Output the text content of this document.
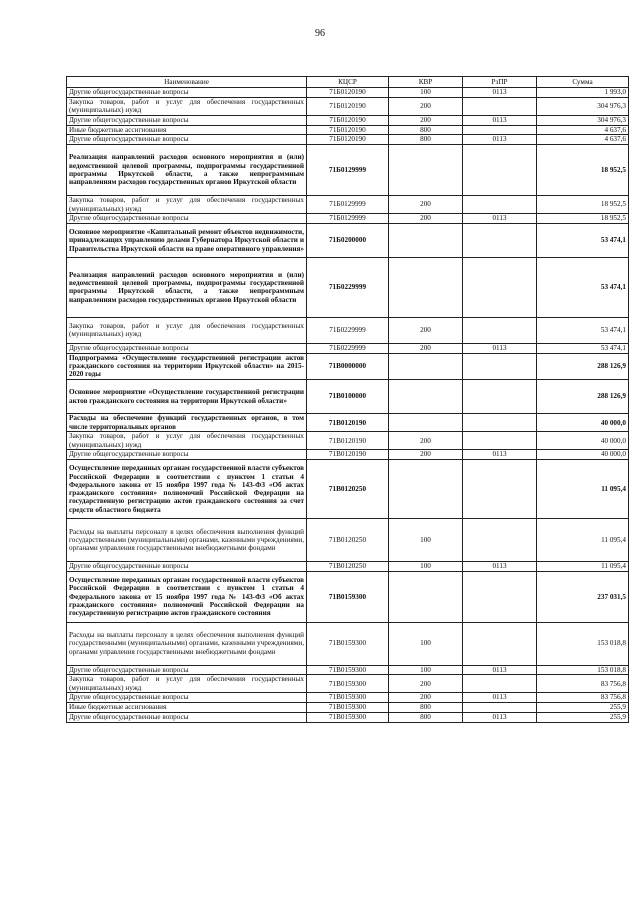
96
Наименование	КЦСР	КВР	РзПР	Сумма
Другие общегосударственные вопросы	71Б0120190	100	0113	1 993,0
Закупка товаров, работ и услуг для обеспечения государственных (муниципальных) нужд	71Б0120190	200		304 976,3
Другие общегосударственные вопросы	71Б0120190	200	0113	304 976,3
Иные бюджетные ассигнования	71Б0120190	800		4 637,6
Другие общегосударственные вопросы	71Б0120190	800	0113	4 637,6
Реализация направлений расходов основного мероприятия и (или) ведомственной целевой программы, подпрограммы государственной программы Иркутской области, а также непрограммным направлениям расходов государственных органов Иркутской области	71Б0129999			18 952,5
Закупка товаров, работ и услуг для обеспечения государственных (муниципальных) нужд	71Б0129999	200		18 952,5
Другие общегосударственные вопросы	71Б0129999	200	0113	18 952,5
Основное мероприятие «Капитальный ремонт объектов недвижимости, принадлежащих управлению делами Губернатора Иркутской области и Правительства Иркутской области на праве оперативного управления»	71Б0200000			53 474,1
Реализация направлений расходов основного мероприятия и (или) ведомственной целевой программы, подпрограммы государственной программы Иркутской области, а также непрограммным направлениям расходов государственных органов Иркутской области	71Б0229999			53 474,1
Закупка товаров, работ и услуг для обеспечения государственных (муниципальных) нужд	71Б0229999	200		53 474,1
Другие общегосударственные вопросы	71Б0229999	200	0113	53 474,1
Подпрограмма «Осуществление государственной регистрации актов гражданского состояния на территории Иркутской области» на 2015-2020 годы	71В0000000			288 126,9
Основное мероприятие «Осуществление государственной регистрации актов гражданского состояния на территории Иркутской области»	71В0100000			288 126,9
Расходы на обеспечение функций государственных органов, в том числе территориальных органов	71В0120190			40 000,0
Закупка товаров, работ и услуг для обеспечения государственных (муниципальных) нужд	71В0120190	200		40 000,0
Другие общегосударственные вопросы	71В0120190	200	0113	40 000,0
Осуществление переданных органам государственной власти субъектов Российской Федерации в соответствии с пунктом 1 статьи 4 Федерального закона от 15 ноября 1997 года № 143-ФЗ «Об актах гражданского состояния» полномочий Российской Федерации на государственную регистрацию актов гражданского состояния за счет средств областного бюджета	71В0120250			11 095,4
Расходы на выплаты персоналу в целях обеспечения выполнения функций государственными (муниципальными) органами, казенными учреждениями, органами управления государственными внебюджетными фондами	71В0120250	100		11 095,4
Другие общегосударственные вопросы	71В0120250	100	0113	11 095,4
Осуществление переданных органам государственной власти субъектов Российской Федерации в соответствии с пунктом 1 статьи 4 Федерального закона от 15 ноября 1997 года № 143-ФЗ «Об актах гражданского состояния» полномочий Российской Федерации на государственную регистрацию актов гражданского состояния	71В0159300			237 031,5
Расходы на выплаты персоналу в целях обеспечения выполнения функций государственными (муниципальными) органами, казенными учреждениями, органами управления государственными внебюджетными фондами	71В0159300	100		153 018,8
Другие общегосударственные вопросы	71В0159300	100	0113	153 018,8
Закупка товаров, работ и услуг для обеспечения государственных (муниципальных) нужд	71В0159300	200		83 756,8
Другие общегосударственные вопросы	71В0159300	200	0113	83 756,8
Иные бюджетные ассигнования	71В0159300	800		255,9
Другие общегосударственные вопросы	71В0159300	800	0113	255,9
